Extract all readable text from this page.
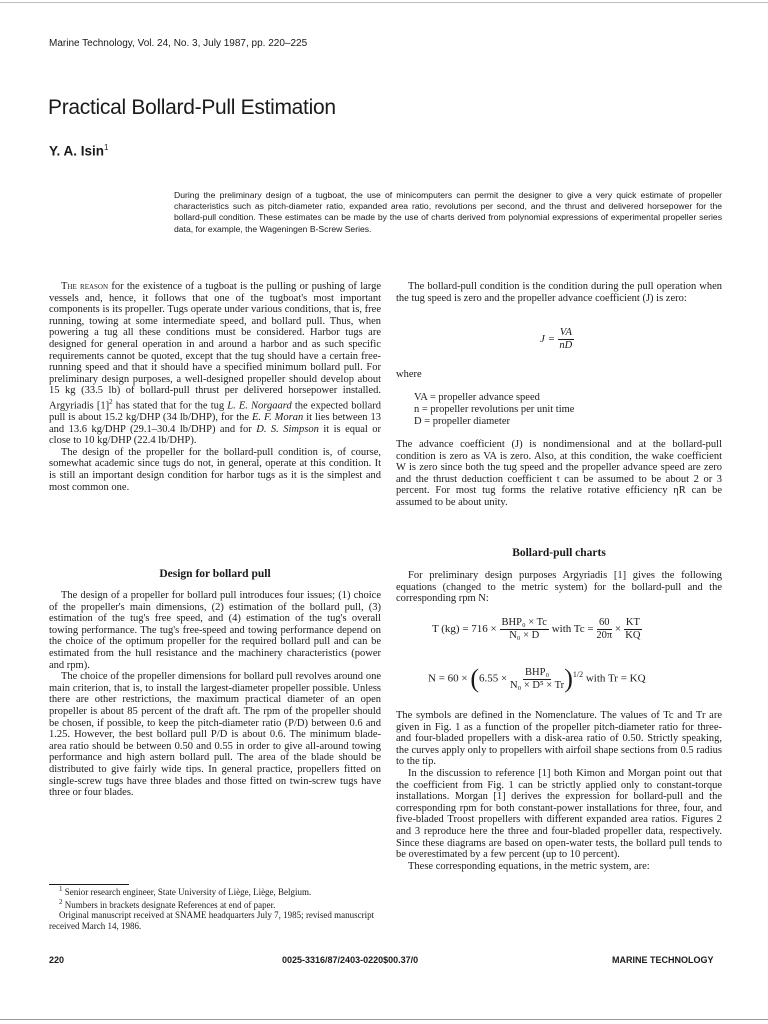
Marine Technology, Vol. 24, No. 3, July 1987, pp. 220–225
Practical Bollard-Pull Estimation
Y. A. Isin$^1$
During the preliminary design of a tugboat, the use of minicomputers can permit the designer to give a very quick estimate of propeller characteristics such as pitch-diameter ratio, expanded area ratio, revolutions per second, and the thrust and delivered horsepower for the bollard-pull condition. These estimates can be made by the use of charts derived from polynomial expressions of experimental propeller series data, for example, the Wageningen B-Screw Series.

The reason for the existence of a tugboat is the pulling or pushing of large vessels and, hence, it follows that one of the tugboat's most important components is its propeller. Tugs operate under various conditions, that is, free running, towing at some intermediate speed, and bollard pull. Thus, when powering a tug all these conditions must be considered. Harbor tugs are designed for general operation in and around a harbor and as such specific requirements cannot be quoted, except that the tug should have a certain free-running speed and that it should have a specified minimum bollard pull. For preliminary design purposes, a well-designed propeller should develop about 15 kg (33.5 lb) of bollard-pull thrust per delivered horsepower installed. Argyriadis [1]$^2$ has stated that for the tug L. E. Norgaard the expected bollard pull is about 15.2 kg/DHP (34 lb/DHP), for the E. F. Moran it lies between 13 and 13.6 kg/DHP (29.1–30.4 lb/DHP) and for D. S. Simpson it is equal or close to 10 kg/DHP (22.4 lb/DHP).

The design of the propeller for the bollard-pull condition is, of course, somewhat academic since tugs do not, in general, operate at this condition. It is still an important design condition for harbor tugs as it is the simplest and most common one.

Design for bollard pull

The design of a propeller for bollard pull introduces four issues; (1) choice of the propeller's main dimensions, (2) estimation of the bollard pull, (3) estimation of the tug's free speed, and (4) estimation of the tug's overall towing performance. The tug's free-speed and towing performance depend on the choice of the optimum propeller for the required bollard pull and can be estimated from the hull resistance and the machinery characteristics (power and rpm).

The choice of the propeller dimensions for bollard pull revolves around one main criterion, that is, to install the largest-diameter propeller possible. Unless there are other restrictions, the maximum practical diameter of an open propeller is about 85 percent of the draft aft. The rpm of the propeller should be chosen, if possible, to keep the pitch-diameter ratio (P/D) between 0.6 and 1.25. However, the best bollard pull P/D is about 0.6. The minimum blade-area ratio should be between 0.50 and 0.55 in order to give all-around towing performance and high astern bollard pull. The area of the blade should be distributed to give fairly wide tips. In general practice, propellers fitted on single-screw tugs have three blades and those fitted on twin-screw tugs have three or four blades.

$^1$ Senior research engineer, State University of Liège, Liège, Belgium.
$^2$ Numbers in brackets designate References at end of paper.
Original manuscript received at SNAME headquarters July 7, 1985; revised manuscript received March 14, 1986.

The bollard-pull condition is the condition during the pull operation when the tug speed is zero and the propeller advance coefficient (J) is zero:

$J = \frac{VA}{nD}$
where
VA = propeller advance speed
n = propeller revolutions per unit time
D = propeller diameter

The advance coefficient (J) is nondimensional and at the bollard-pull condition is zero as VA is zero. Also, at this condition, the wake coefficient W is zero since both the tug speed and the propeller advance speed are zero and the thrust deduction coefficient t can be assumed to be about 2 or 3 percent. For most tug forms the relative rotative efficiency ηR can be assumed to be about unity.

Bollard-pull charts

For preliminary design purposes Argyriadis [1] gives the following equations (changed to the metric system) for the bollard-pull and the corresponding rpm N:

T $(kg) = 716 \times \frac{\text{BHP₀ × Tc}}{\text{N₀ × D}}$ with $Tc = \frac{60}{20\pi} \times \frac{KT}{KQ}$
$N = 60 \times (6.55 \times \frac{\text{BHP₀}}{\text{N₀ × D⁵ × Tr}} )^{1/2}$ with Tr = KQ

The symbols are defined in the Nomenclature. The values of Tc and Tr are given in Fig. 1 as a function of the propeller pitch-diameter ratio for three- and four-bladed propellers with a disk-area ratio of 0.50. Strictly speaking, the curves apply only to propellers with airfoil shape sections from 0.5 radius to the tip.

In the discussion to reference [1] both Kimon and Morgan point out that the coefficient from Fig. 1 can be strictly applied only to constant-torque installations. Morgan [1] derives the expression for bollard-pull and the corresponding rpm for both constant-power installations for three, four, and five-bladed Troost propellers with different expanded area ratios. Figures 2 and 3 reproduce here the three and four-bladed propeller data, respectively. Since these diagrams are based on open-water tests, the bollard pull tends to be overestimated by a few percent (up to 10 percent).

These corresponding equations, in the metric system, are:

220	0025-3316/87/2403-0220$00.37/0	MARINE TECHNOLOGY
